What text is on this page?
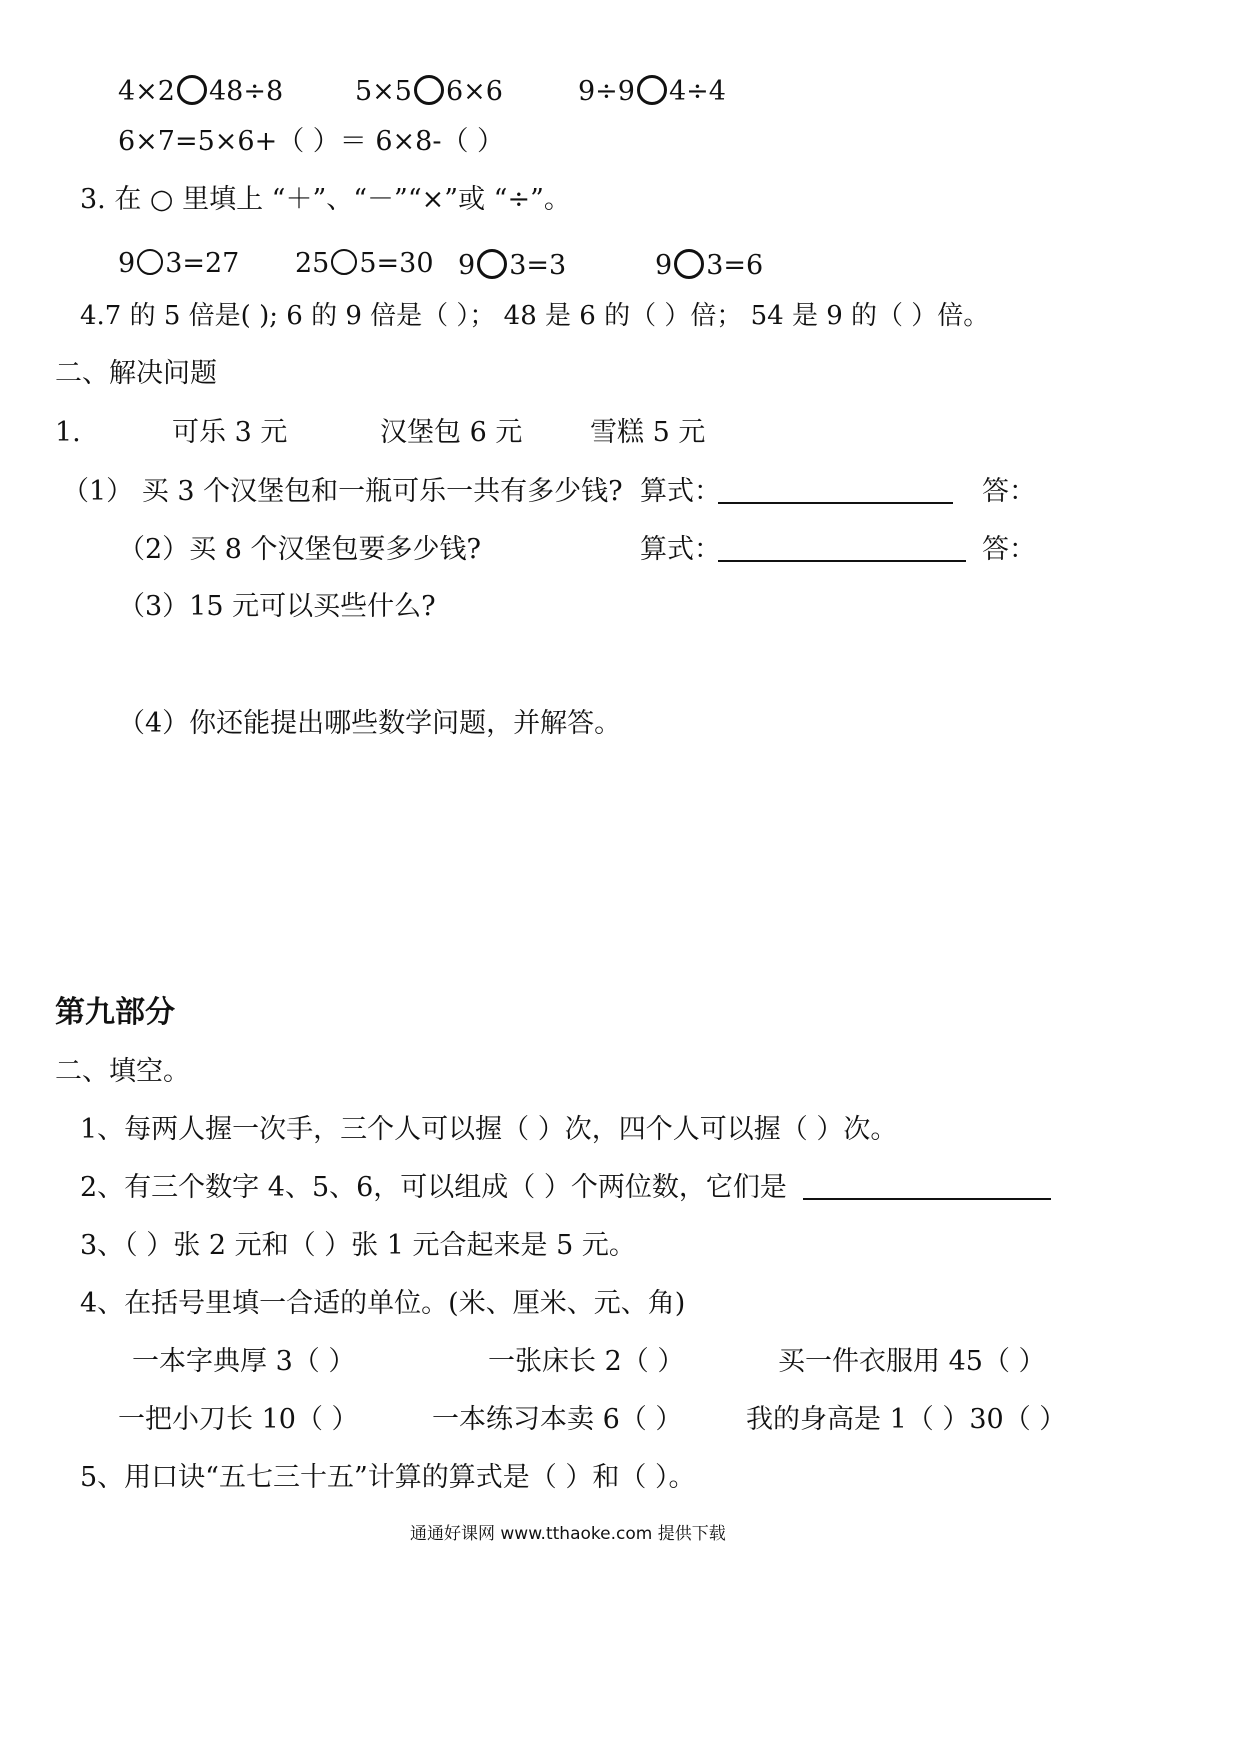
4×2 48÷8	5×5 6×6	9÷9 4÷4
6×7=5×6+（ ）＝ 6×8-（ ）
3. 在 ○ 里填上 “＋”、“－”“×”或 “÷”。
9 3=27 25 5=30 9 3=3	9 3=6
4.7 的 5 倍是( ); 6 的 9 倍是（ ）； 48 是 6 的（ ）倍； 54 是 9 的（ ）倍。
二、解决问题
1.	可乐 3 元	汉堡包 6 元	雪糕 5 元
（1） 买 3 个汉堡包和一瓶可乐一共有多少钱? 算式：	答：
（2）买 8 个汉堡包要多少钱?	算式：	答：
（3）15 元可以买些什么?
（4）你还能提出哪些数学问题，并解答。
第九部分
二、填空。
1、每两人握一次手，三个人可以握（ ）次，四个人可以握（ ）次。
2、有三个数字 4、5、6，可以组成（ ）个两位数，它们是
3、（ ）张 2 元和（ ）张 1 元合起来是 5 元。
4、在括号里填一合适的单位。(米、厘米、元、角)
一本字典厚 3（ ）	一张床长 2（ ）	买一件衣服用 45（ ）
一把小刀长 10（ ）	一本练习本卖 6（ ） 我的身高是 1（ ）30（ ）
5、用口诀“五七三十五”计算的算式是（ ）和（ ）。
通通好课网 www.tthaoke.com 提供下载
